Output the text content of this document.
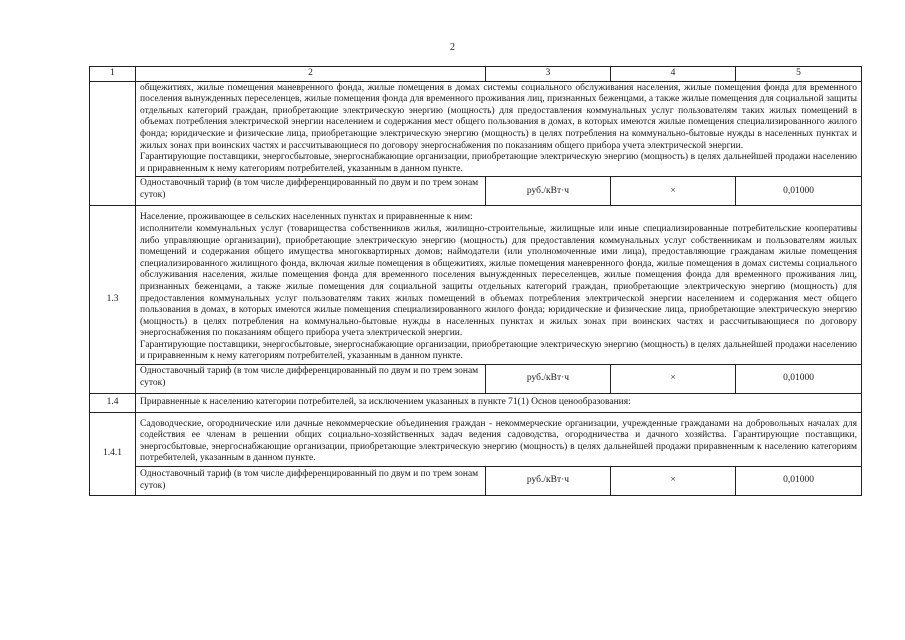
2
1	2	3	4	5

	общежитиях, жилые помещения маневренного фонда, жилые помещения в домах системы социального обслуживания населения, жилые помещения фонда для временного поселения вынужденных переселенцев, жилые помещения фонда для временного проживания лиц, признанных беженцами, а также жилые помещения для социальной защиты отдельных категорий граждан, приобретающие электрическую энергию (мощность) для предоставления коммунальных услуг пользователям таких жилых помещений в объемах потребления электрической энергии населением и содержания мест общего пользования в домах, в которых имеются жилые помещения специализированного жилого фонда; юридические и физические лица, приобретающие электрическую энергию (мощность) в целях потребления на коммунально-бытовые нужды в населенных пунктах и жилых зонах при воинских частях и рассчитывающиеся по договору энергоснабжения по показаниям общего прибора учета электрической энергии.

Гарантирующие поставщики, энергосбытовые, энергоснабжающие организации, приобретающие электрическую энергию (мощность) в целях дальнейшей продажи населению и приравненным к нему категориям потребителей, указанным в данном пункте.			

	Одноставочный тариф (в том числе дифференцированный по двум и по трем зонам суток)	руб./кВт·ч	×	0,01000
1.3	Население, проживающее в сельских населенных пунктах и приравненные к ним:

исполнители коммунальных услуг (товарищества собственников жилья, жилищно-строительные, жилищные или иные специализированные потребительские кооперативы либо управляющие организации), приобретающие электрическую энергию (мощность) для предоставления коммунальных услуг собственникам и пользователям жилых помещений и содержания общего имущества многоквартирных домов; наймодатели (или уполномоченные ими лица), предоставляющие гражданам жилые помещения специализированного жилищного фонда, включая жилые помещения в общежитиях, жилые помещения маневренного фонда, жилые помещения в домах системы социального обслуживания населения, жилые помещения фонда для временного поселения вынужденных переселенцев, жилые помещения фонда для временного проживания лиц, признанных беженцами, а также жилые помещения для социальной защиты отдельных категорий граждан, приобретающие электрическую энергию (мощность) для предоставления коммунальных услуг пользователям таких жилых помещений в объемах потребления электрической энергии населением и содержания мест общего пользования в домах, в которых имеются жилые помещения специализированного жилого фонда; юридические и физические лица, приобретающие электрическую энергию (мощность) в целях потребления на коммунально-бытовые нужды в населенных пунктах и жилых зонах при воинских частях и рассчитывающиеся по договору энергоснабжения по показаниям общего прибора учета электрической энергии.

Гарантирующие поставщики, энергосбытовые, энергоснабжающие организации, приобретающие электрическую энергию (мощность) в целях дальнейшей продажи населению и приравненным к нему категориям потребителей, указанным в данном пункте.			

	Одноставочный тариф (в том числе дифференцированный по двум и по трем зонам суток)	руб./кВт·ч	×	0,01000
1.4	Приравненные к населению категории потребителей, за исключением указанных в пункте 71(1) Основ ценообразования:			
1.4.1	Садоводческие, огороднические или дачные некоммерческие объединения граждан - некоммерческие организации, учрежденные гражданами на добровольных началах для содействия ее членам в решении общих социально-хозяйственных задач ведения садоводства, огородничества и дачного хозяйства. Гарантирующие поставщики, энергосбытовые, энергоснабжающие организации, приобретающие электрическую энергию (мощность) в целях дальнейшей продажи приравненным к населению категориям потребителей, указанным в данном пункте.			

	Одноставочный тариф (в том числе дифференцированный по двум и по трем зонам суток)	руб./кВт·ч	×	0,01000
